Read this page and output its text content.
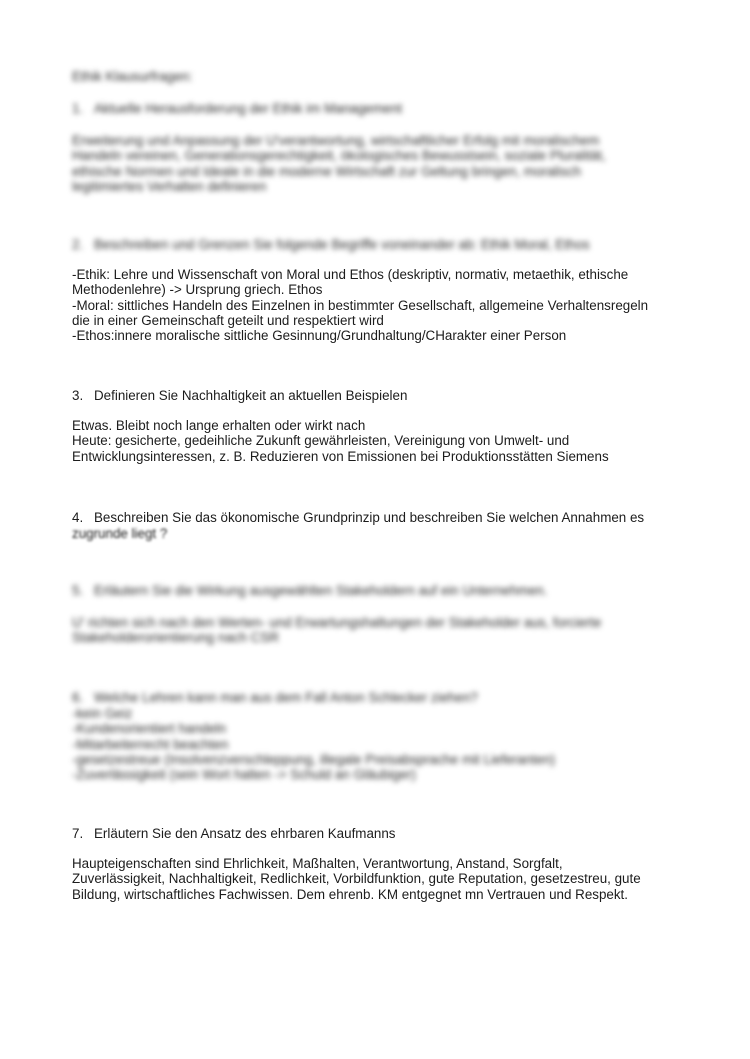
Ethik Klausurfragen:
1. Aktuelle Herausforderung der Ethik im Management
Erweiterung und Anpassung der U'verantwortung, wirtschaftlicher Erfolg mit moralischem
Handeln vereinen, Generationsgerechtigkeit, ökologisches Bewusstsein, soziale Pluralität,
ethische Normen und Ideale in die moderne Wirtschaft zur Geltung bringen, moralisch
legitimiertes Verhalten definieren
2. Beschreiben und Grenzen Sie folgende Begriffe voneinander ab: Ethik Moral, Ethos
-Ethik: Lehre und Wissenschaft von Moral und Ethos (deskriptiv, normativ, metaethik, ethische
Methodenlehre) -> Ursprung griech. Ethos
-Moral: sittliches Handeln des Einzelnen in bestimmter Gesellschaft, allgemeine Verhaltensregeln
die in einer Gemeinschaft geteilt und respektiert wird
-Ethos:innere moralische sittliche Gesinnung/Grundhaltung/CHarakter einer Person
3. Definieren Sie Nachhaltigkeit an aktuellen Beispielen
Etwas. Bleibt noch lange erhalten oder wirkt nach
Heute: gesicherte, gedeihliche Zukunft gewährleisten, Vereinigung von Umwelt- und
Entwicklungsinteressen, z. B. Reduzieren von Emissionen bei Produktionsstätten Siemens
4. Beschreiben Sie das ökonomische Grundprinzip und beschreiben Sie welchen Annahmen es
zugrunde liegt ?
5. Erläutern Sie die Wirkung ausgewählten Stakeholdern auf ein Unternehmen.
U' richten sich nach den Werten- und Erwartungshaltungen der Stakeholder aus, forcierte
Stakeholderorientierung nach CSR
6. Welche Lehren kann man aus dem Fall Anton Schlecker ziehen?
-kein Geiz
-Kundenorientiert handeln
-Mitarbeiterrecht beachten
-gesetzestreue (Insolvenzverschleppung, illegale Preisabsprache mit Lieferanten)
-Zuverlässigkeit (sein Wort halten -> Schuld an Gläubiger)
7. Erläutern Sie den Ansatz des ehrbaren Kaufmanns
Haupteigenschaften sind Ehrlichkeit, Maßhalten, Verantwortung, Anstand, Sorgfalt,
Zuverlässigkeit, Nachhaltigkeit, Redlichkeit, Vorbildfunktion, gute Reputation, gesetzestreu, gute
Bildung, wirtschaftliches Fachwissen. Dem ehrenb. KM entgegnet mn Vertrauen und Respekt.
